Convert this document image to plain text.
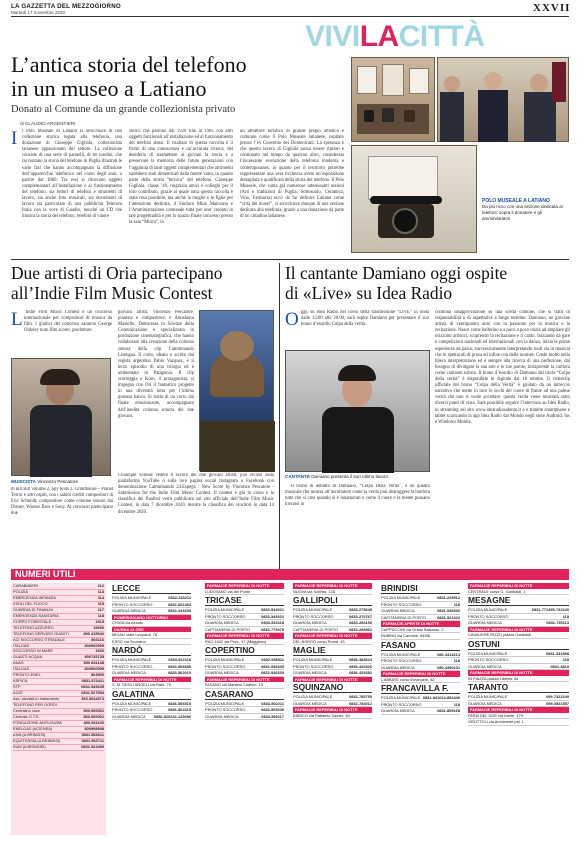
LA GAZZETTA DEL MEZZOGIORNO
Martedì 17 novembre 2020	XXVII
VIVILACITTÀ
L’antica storia del telefono
in un museo a Latiano
Donato al Comune da un grande collezionista privato
di CLAUDIO ARGENTIERI
I l Polo Museale di Latiano si arricchisce di una collezione storica legata alla telefonia, una donazione di Giuseppe Gigliola, collezionista latianese appassionato del settore. La collezione consiste di una serie di pannelli, di tre tondini, che raccontano la storia del telefono in Puglia illustrati le varie fasi che hanno accompagnato la diffusione dell’apparecchio telefonico nel corso degli anni, a partire dal 1860. Tra essi si ritrovano oggetti complementari all’installazione e al funzionamento del telefono, sia lettori di telefoni e strumenti di lavoro, sia anche foto musicali, sia documenti di lavoro sia particolare di una pubblicità Telecom Italia con la voce di Gaudio, nonché un CD che illustra la storia del telefono, telefoni di valore
storici che partono dal 1920 fino al 1985 con altri oggetti funzionali all’installazione ed al funzionamento dei telefoni stessi. Il risultato di questa raccolta è il frutto di una conoscenza e un’accurata ricerca, del desiderio di trasmettere ai giovani la storia e a preservare la memoria delle future generazioni con l’aggiunta di tanti oggetti complementari che altrimenti sarebbero stati dimenticati dalla mente vasta, in quanto parte della storia “tecnica” del telefono. Giuseppe Gigliola, classe ’49, ringrazia amici e colleghi per il loro contributo, grazie al quale tutta questa raccolta è stata resa possibile, ma anche la moglie e le figlie per l’attenzione dedicata, il Sindaco Mino Maiorano e l’Amministrazione comunale tutta per aver creduto in tale progettualità e per lo spazio finale concesso presso la sala “Murra”, in
un attrattore turistico di grande pregio artistico e culturale come il Polo Museale latianese, ospitato presso l’ex Convento dei Domenicani. La speranza è che questo lavoro di Gigliola possa essere ripreso e continuato nel tempo da qualcun altro, considerata l’incessante evoluzione della telefonia moderna e contemporanea, in quanto per il territorio potrebbe rappresentare una vera ricchezza avere un’esposizione dettagliata e qualificata della storia del telefono. Il Polo Museale, che vanta già numerose interessanti sezioni (Arti e tradizioni di Puglia, Sottosuolo, Ceramica, Vino, Farmacia) ecco da far definire Latiano come “città dei musei”, si arricchisce dunque di una sezione dedicata alla telefonia, grazie a una donazione da parte di un cittadino latianese.
POLO MUSEALE A LATIANO
Da più ricco con una sezione dedicata ai telefoni: sopra il donatore e gli amministratori
Due artisti di Oria partecipano
all’Indie Film Music Contest
L ’Indie Film Music Contest è un concorso internazionale per compositori di musica da film. I giudici del concorso saranno George Oldziey noto film scorer, produttore
MUSICISTA Vincenzo Pescatore
di kill Bill volume 2, Spy Kids 2, Grindhouse – Planet Terror e altri ospiti, con i saloni crediti compositori di Eric Schmidt, compositore come colonne sonore dai Disney, Warner Bros e Sony. Al concorso partecipano due
giovani artisti, Vincenzo Pescatore, pianista e compositore, e Annalaura Masiello, Dottoressa in Scienze della Comunicazione e specializzata in produzione cinematografica, che hanno collaborato alla creazione della colonna sonora della clip Camminando Lisengaa. Il corto, ideato e scritto dal regista argentino Pablo Vazquez, è il terzo episodio di una trilogia ed è ambientato in Patagonia. Il clip scorreggia e Koro, il protagonista, si impegna con Ori il fantastico progetto in una diversità lotta per l’ultima gustosa banca. Si tratta di un corto dal finale emozionante, accompagnato dall’inedita colonna sonora dei due giovani.
Chiunque volesse vedere il lavoro dei due giovani artisti, può recarsi sulla piattaforma YouTube o sulla loro pagina social Instagram o Facebook con denominazione Camminando 24.Espego : New Score by Vincenzo Pescatore - Submission for the Indie Film Music Contest. Il contest è già in corso e la classifica dei finalisti verrà pubblicata sul sito ufficiale dell’Indie Film Music Contest, in data 7 dicembre 2020, mentre la classifica dei vincitori in data 14 dicembre 2020.
Il cantante Damiano oggi ospite
di «Live» su Idea Radio
O ggi, su Idea Radio nel corso della trasmissione “LIVE” in onda dalle 13:00 alle 20:00, sarà ospite Damiano per presentare il suo brano d’esordio Colpa della verità.
CANTANTE Damiano presenta il suo ultimo lavoro
Il brano di debutto di Damiano, “Colpa Della Verità”, è un quadro musicale che mostra all’ascoltatore come la verità può distruggere la barriera tutte che si crea quando si è innamorati e come il cuore e la mente possano trovarsi in
continua disapprovazione su una scelta comune, che si tratti di responsabilità o di aspettative a lungo termine. Damiano, un giovane artista di ventiquattro anni con la passione per la musica e la recitazione. Nasce come ballerino e a poco a poco inizia ad ampliare gli orizzonti artistici, scoprendo la recitazione e il canto. Iniziando da gare e competizioni nazionali ed internazionali con la danza, inizia le prime esperienze da palco, successivamente interpretando ruoli sia in musical che in spettacoli di prosa ed infine con delle tournée. Crede molto nella libera interpretazione ed è sempre alla ricerca di una perfezione, dal bisogno di divulgare la sua arte e le sue parole, intraprende la carriera come cantante solista. Il brano d’esordio di Damiano dal titolo “Colpa della verità” è disponibile in digitale dal 16 ottobre. Il videoclip ufficiale del brano “Colpa della Verità” è guidato da un intreccio narrativo che mette in luce le occhi del cuore di frante ad una palese verità che non si vuole accettare: questa verità viene mostrata sotto diversi punti di vista. Sarà possibile seguire l’intervista su Idea Radio, in streaming sul sito www.idearadiosalento.it e e tramite smartphone e tablet scaricando la app Idea Radio dal Mondo negli store Android, Ios e Windows Mobile.
NUMERI UTILI
CARABINIERI	112
POLIZIA	113
EMERGENZA INFANZIA	114
VIGILI DEL FUOCO	115
GUARDIA DI FINANZA	117
EMERGENZA SANITARIA	118
CORPO FORESTALE	1515
TELEFONO AZZURRO	19696
TELEFONO SERVIZIO GUASTI	800 415042
ACI SOCCORSO STRADALE	803116
ITALGAS	800900999
SOCCORSO IN MARE	1530
GUASTI ACQUA	800735735
ANAS	800 841148
ITALGAS	800900999
PRONTO ENEL	803500
ASPICA	0831.573411
STP	0831.549245
ACAT	0831.527553
Ass. alcolisti in trattamento	393.3044374
TELEFONO PER GORDI
Centralino voce	800.600061
Centrale O.T.S.	800.600062
FONDAZIONE ANTIUSURA	800.541100
ENELGAS (ACIENSA)	800998998
AIVA (A BRINDISI)	0831.563611
EQUITENSIA (A BRINDISI)	0831.563711
SUM (A BRINDISI)	0831.524489
LECCE
POLIZIA MUNICIPALE	0832-233211
PRONTO SOCCORSO	0832-661463
GUARDIA MEDICA	0832-343405
POMERIGGIANO NOTTURNO
CHIGA via Airosto
DIURNA 24 ORE
MIGALI viale Leopardi, 76
ESSO via Scorrano
NARDÒ
POLIZIA MUNICIPALE	0833-512116
PRONTO SOCCORSO	0833-568385
GUARDIA MEDICA	0833-562010
FARMACIE REPERIBILI DI NOTTE
S. M. DEGLI ANGELI via Rafo, 79
GALATINA
POLIZIA MUNICIPALE	0836-566515
PRONTO SOCCORSO	0836-564319
GUARDIA MEDICA 0836-529232-129280
FARMACIE REPERIBILI DI NOTTE
LUDOVANO via del Ponte
TRICASE
POLIZIA MUNICIPALE	0833-544021
PRONTO SOCCORSO	0833-545201
GUARDIA MEDICA	0833-543118
CAPITANERIA DI PORTO	0833-775478
FARMACIE REPERIBILI DI NOTTE
RAO 1632 via Prov., 97 (Maggiano)
COPERTINO
POLIZIA MUNICIPALE	0832-938511
PRONTO SOCCORSO	0832-936335
GUARDIA MEDICA	0832-936330
FARMACIE REPERIBILI DI NOTTE
FASANO via Mariano Coalmo, 19
CASARANO
POLIZIA MUNICIPALE	0833-502211
PRONTO SOCCORSO	0833-505206
GUARDIA MEDICA	0833-508117
FARMACIE REPERIBILI DI NOTTE
NUOVA via Sollima, 138
GALLIPOLI
POLIZIA MUNICIPALE	0833-275645
PRONTO SOCCORSO	0833-270767
GUARDIA MEDICA	0833-266150
CAPITANERIA DI PORTO	0833-266862
FARMACIE REPERIBILI DI NOTTE
DEL BORGO corso Roma, 43
MAGLIE
POLIZIA MUNICIPALE	0836-483624
PRONTO SOCCORSO	0836-420326
GUARDIA MEDICA	0836-429281
FARMACIE REPERIBILI DI NOTTE
SQUINZANO
POLIZIA MUNICIPALE	0832-785750
GUARDIA MEDICA	0832-784012
FARMACIE REPERIBILI DI NOTTE
BIANCO via Raffaello Sanzio, 84
BRINDISI
POLIZIA MUNICIPALE	0831-229512
PRONTO SOCCORSO	118
GUARDIA MEDICA	0831-536530
CAPITANERIA DI PORTO	0831-521022
FARMACIE APERTE DI NOTTE
CAPPUCCINI via Grado Balsamo, 2
RUBINO via Carmine, 54/56
FASANO
POLIZIA MUNICIPALE	080-4414214
PRONTO SOCCORSO	118
GUARDIA MEDICA	080-4390101
FARMACIE REPERIBILI DI NOTTE
L’ABBATE corso Emanuele, 62
FRANCAVILLA F.
POLIZIA MUNICIPALE 0831-841014-852446
PRONTO SOCCORSO	118
GUARDIA MEDICA	0831-859168
FARMACIE REPERIBILI DI NOTTE
CENTRALE corso G. Garibaldi, 1
MESAGNE
POLIZIA MUNICIPALE	0831-771495-732240
PRONTO SOCCORSO	118
GUARDIA MEDICA	0831-735113
FARMACIE REPERIBILI DI NOTTE
CAVALIERE RIZZO piazza Garibaldi
OSTUNI
POLIZIA MUNICIPALE	0831-331898
PRONTO SOCCORSO	118
GUARDIA MEDICA	0831-3819
FARMACIE REPERIBILI DI NOTTE
IN PIAZZA piazza Libertà, 44
TARANTO
POLIZIA MUNICIPALE	099-7322249
GUARDIA MEDICA	099-4521557
FARMACIE REPERIBILI DI NOTTE
FARM.DEL SOR via Dante, 179
GROTTOLI via Archimede pal. L
